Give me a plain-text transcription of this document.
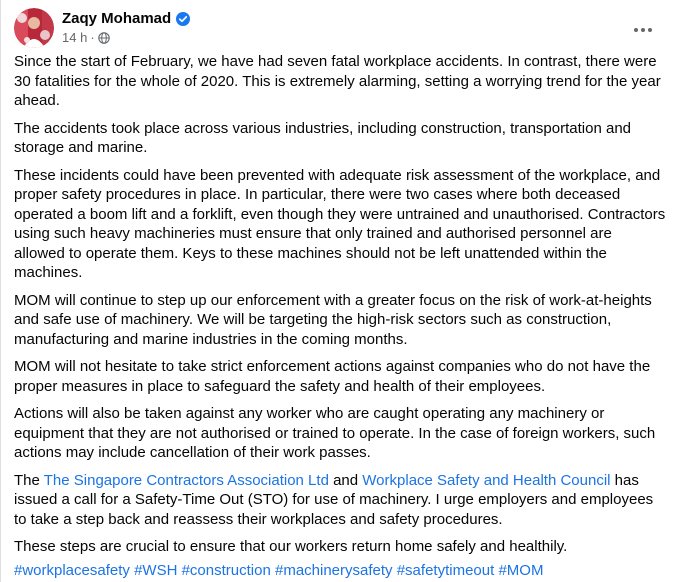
Zaqy Mohamad
14 h ·

Since the start of February, we have had seven fatal workplace accidents. In contrast, there were 30 fatalities for the whole of 2020. This is extremely alarming, setting a worrying trend for the year ahead.

The accidents took place across various industries, including construction, transportation and storage and marine.

These incidents could have been prevented with adequate risk assessment of the workplace, and proper safety procedures in place. In particular, there were two cases where both deceased operated a boom lift and a forklift, even though they were untrained and unauthorised. Contractors using such heavy machineries must ensure that only trained and authorised personnel are allowed to operate them. Keys to these machines should not be left unattended within the machines.

MOM will continue to step up our enforcement with a greater focus on the risk of work-at-heights and safe use of machinery. We will be targeting the high-risk sectors such as construction, manufacturing and marine industries in the coming months.

MOM will not hesitate to take strict enforcement actions against companies who do not have the proper measures in place to safeguard the safety and health of their employees.

Actions will also be taken against any worker who are caught operating any machinery or equipment that they are not authorised or trained to operate. In the case of foreign workers, such actions may include cancellation of their work passes.

The The Singapore Contractors Association Ltd and Workplace Safety and Health Council has issued a call for a Safety-Time Out (STO) for use of machinery. I urge employers and employees to take a step back and reassess their workplaces and safety procedures.

These steps are crucial to ensure that our workers return home safely and healthily.

#workplacesafety #WSH #construction #machinerysafety #safetytimeout #MOM
